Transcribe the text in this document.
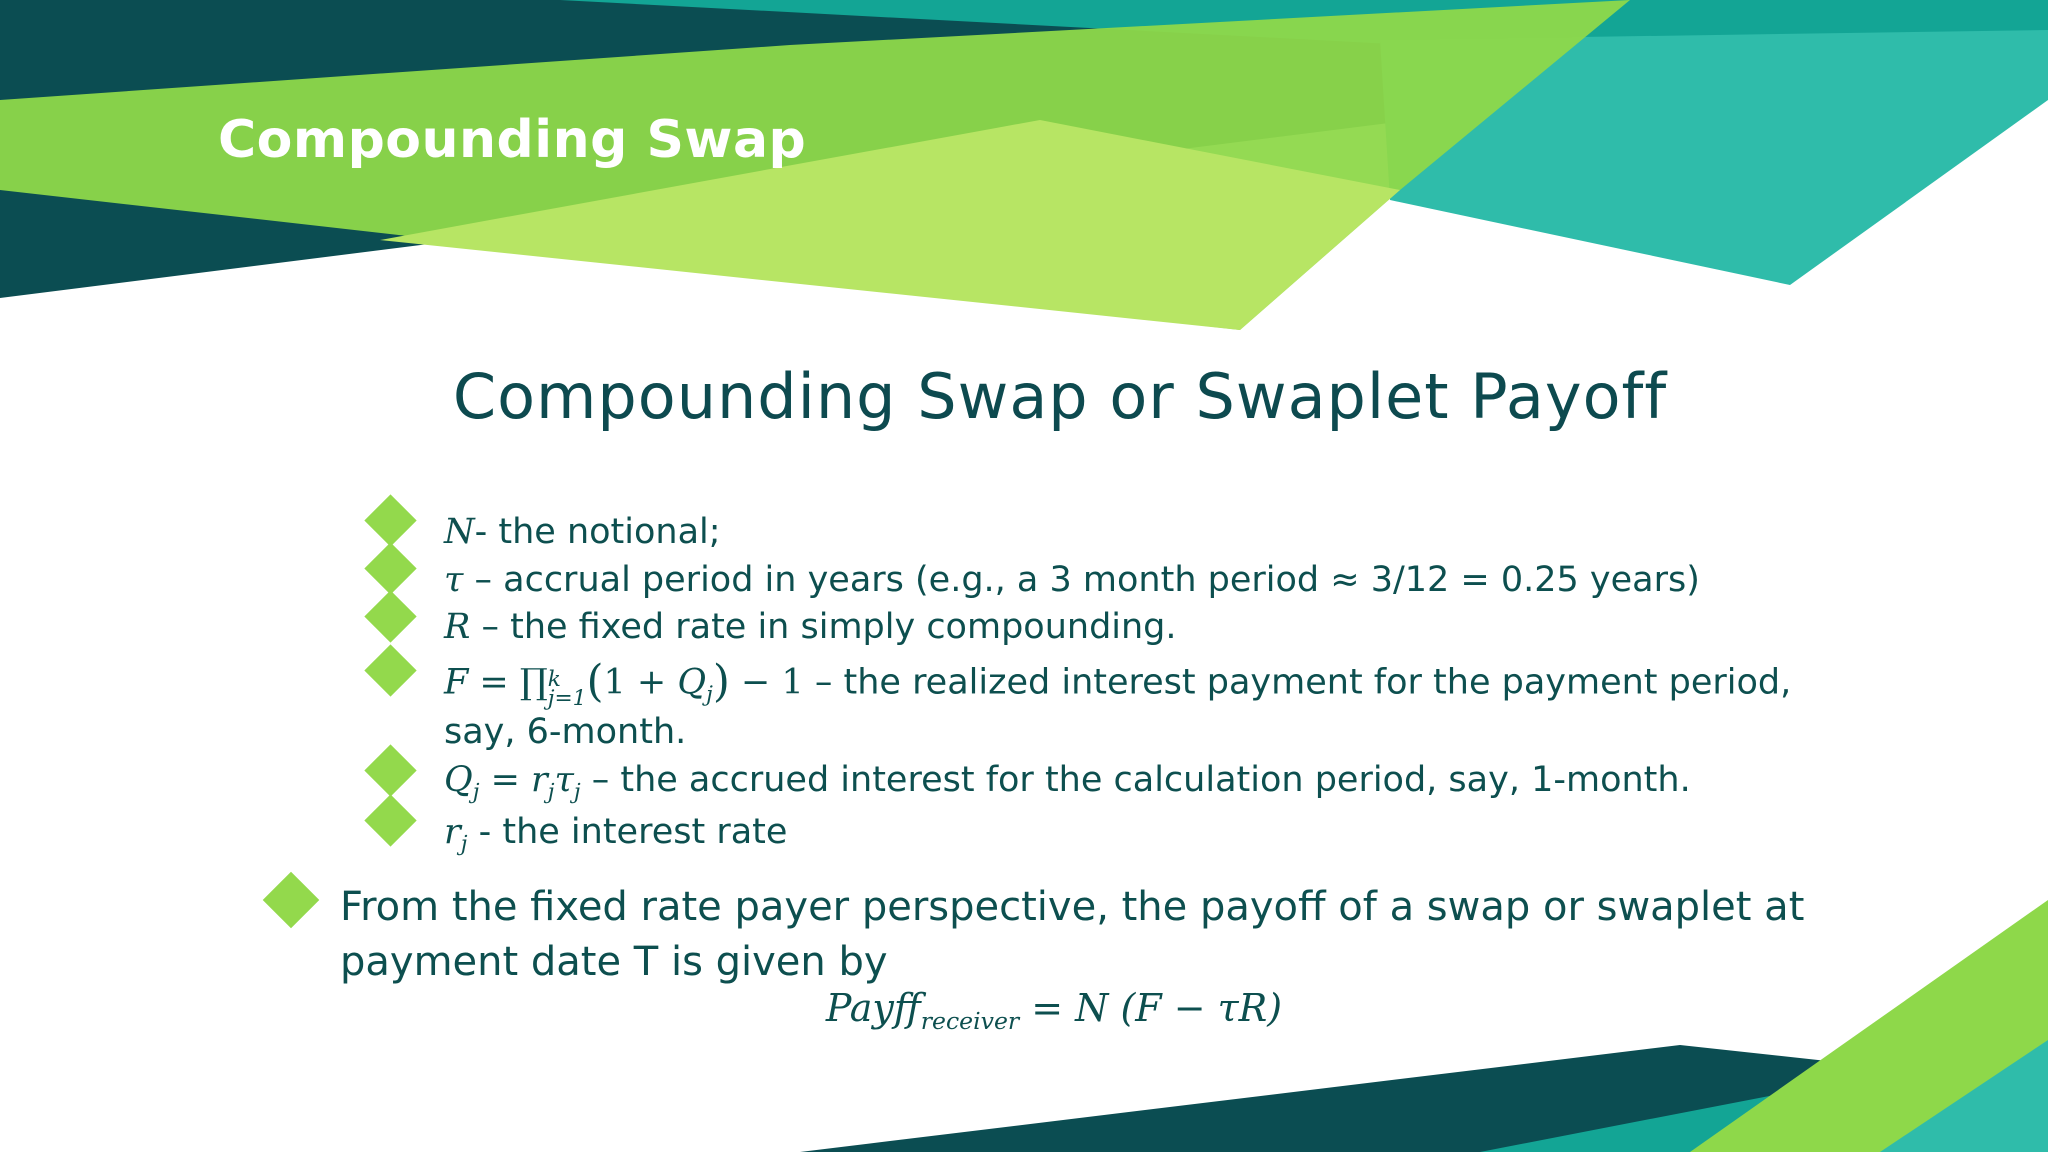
Compounding Swap
Compounding Swap or Swaplet Payoff
N- the notional;
τ – accrual period in years (e.g., a 3 month period ≈ 3/12 = 0.25 years)
R – the fixed rate in simply compounding.
F = ∏k
$j=1(1 + Q_j) - 1$ – the realized interest payment for the payment period,
say, 6-month.
$Q_j = r_j\tau_j$ – the accrued interest for the calculation period, say, 1-month.
$r_j$ - the interest rate
From the fixed rate payer perspective, the payoff of a swap or swaplet at payment date T is given by
Payff$_{receiver}$ = N (F − τR)
